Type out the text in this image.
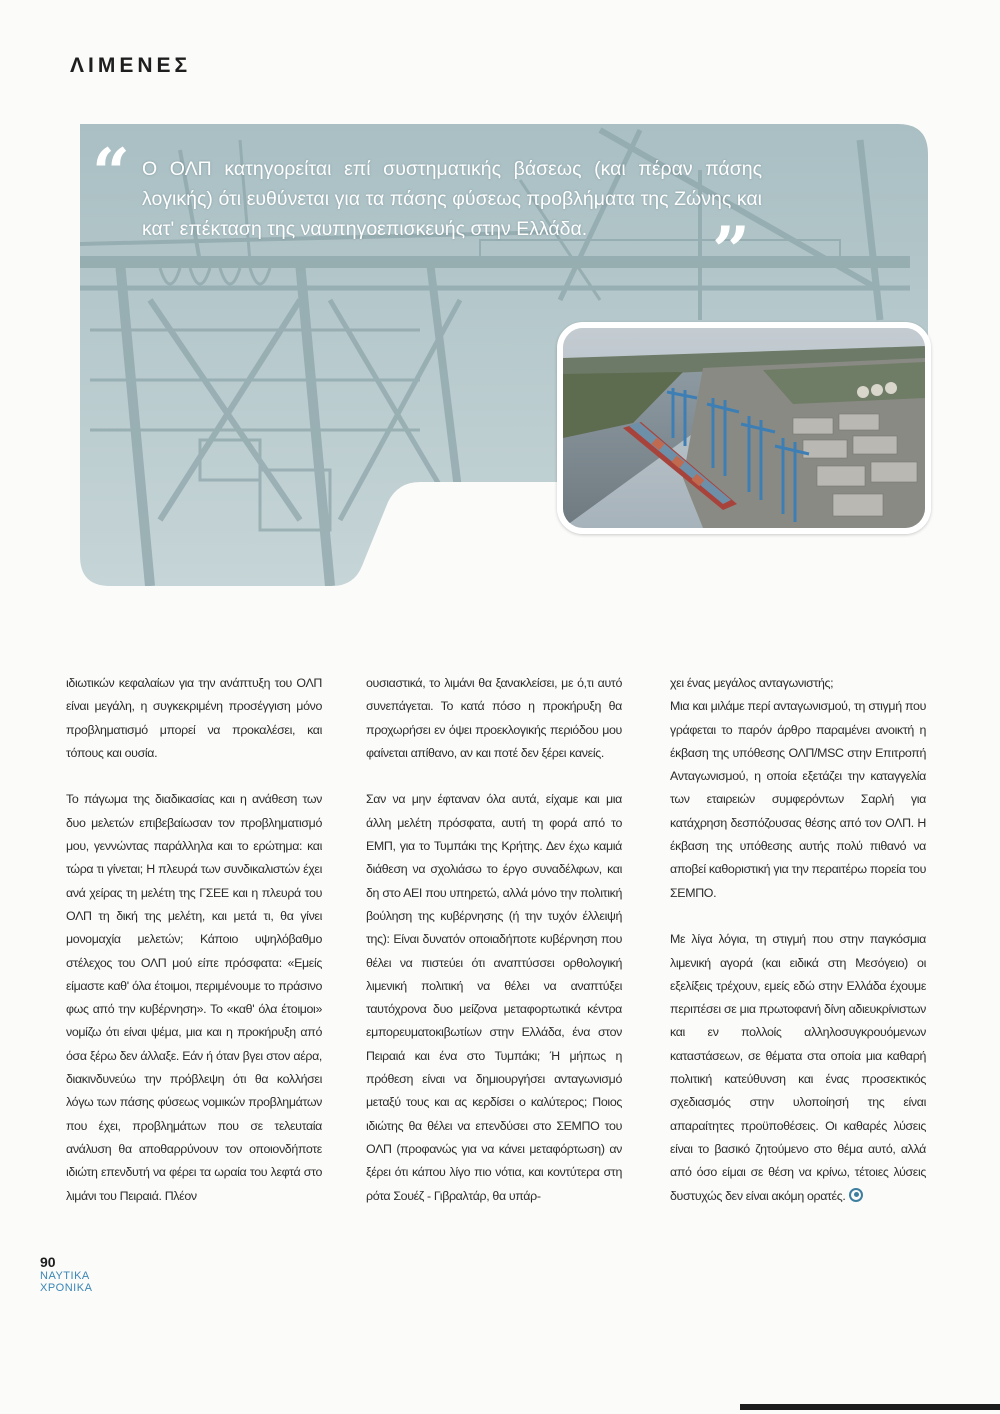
ΛΙΜΕΝΕΣ
“ Ο ΟΛΠ κατηγορείται επί συστηματικής βάσεως (και πέραν πάσης λογικής) ότι ευθύνεται για τα πάσης φύσεως προβλήματα της Ζώνης και κατ' επέκταση της ναυπηγοεπισκευής στην Ελλάδα.	”

ιδιωτικών κεφαλαίων για την ανάπτυξη του ΟΛΠ είναι μεγάλη, η συγκεκριμένη προσέγγιση μόνο προβληματισμό μπορεί να προκαλέσει, και τόπους και ουσία.

Το πάγωμα της διαδικασίας και η ανάθεση των δυο μελετών επιβεβαίωσαν τον προβληματισμό μου, γεννώντας παράλληλα και το ερώτημα: και τώρα τι γίνεται; Η πλευρά των συνδικαλιστών έχει ανά χείρας τη μελέτη της ΓΣΕΕ και η πλευρά του ΟΛΠ τη δική της μελέτη, και μετά τι, θα γίνει μονομαχία μελετών; Κάποιο υψηλόβαθμο στέλεχος του ΟΛΠ μού είπε πρόσφατα: «Εμείς είμαστε καθ' όλα έτοιμοι, περιμένουμε το πράσινο φως από την κυβέρνηση». Το «καθ' όλα έτοιμοι» νομίζω ότι είναι ψέμα, μια και η προκήρυξη από όσα ξέρω δεν άλλαξε. Εάν ή όταν βγει στον αέρα, διακινδυνεύω την πρόβλεψη ότι θα κολλήσει λόγω των πάσης φύσεως νομικών προβλημάτων που έχει, προβλημάτων που σε τελευταία ανάλυση θα αποθαρρύνουν τον οποιονδήποτε ιδιώτη επενδυτή να φέρει τα ωραία του λεφτά στο λιμάνι του Πειραιά. Πλέον

ουσιαστικά, το λιμάνι θα ξανακλείσει, με ό,τι αυτό συνεπάγεται. Το κατά πόσο η προκήρυξη θα προχωρήσει εν όψει προεκλογικής περιόδου μου φαίνεται απίθανο, αν και ποτέ δεν ξέρει κανείς.

Σαν να μην έφταναν όλα αυτά, είχαμε και μια άλλη μελέτη πρόσφατα, αυτή τη φορά από το ΕΜΠ, για το Τυμπάκι της Κρήτης. Δεν έχω καμιά διάθεση να σχολιάσω το έργο συναδέλφων, και δη στο ΑΕΙ που υπηρετώ, αλλά μόνο την πολιτική βούληση της κυβέρνησης (ή την τυχόν έλλειψή της): Είναι δυνατόν οποιαδήποτε κυβέρνηση που θέλει να πιστεύει ότι αναπτύσσει ορθολογική λιμενική πολιτική να θέλει να αναπτύξει ταυτόχρονα δυο μείζονα μεταφορτωτικά κέντρα εμπορευματοκιβωτίων στην Ελλάδα, ένα στον Πειραιά και ένα στο Τυμπάκι; Ή μήπως η πρόθεση είναι να δημιουργήσει ανταγωνισμό μεταξύ τους και ας κερδίσει ο καλύτερος; Ποιος ιδιώτης θα θέλει να επενδύσει στο ΣΕΜΠΟ του ΟΛΠ (προφανώς για να κάνει μεταφόρτωση) αν ξέρει ότι κάπου λίγο πιο νότια, και κοντύτερα στη ρότα Σουέζ - Γιβραλτάρ, θα υπάρ-

χει ένας μεγάλος ανταγωνιστής;
Μια και μιλάμε περί ανταγωνισμού, τη στιγμή που γράφεται το παρόν άρθρο παραμένει ανοικτή η έκβαση της υπόθεσης ΟΛΠ/MSC στην Επιτροπή Ανταγωνισμού, η οποία εξετάζει την καταγγελία των εταιρειών συμφερόντων Σαρλή για κατάχρηση δεσπόζουσας θέσης από τον ΟΛΠ. Η έκβαση της υπόθεσης αυτής πολύ πιθανό να αποβεί καθοριστική για την περαιτέρω πορεία του ΣΕΜΠΟ.

Με λίγα λόγια, τη στιγμή που στην παγκόσμια λιμενική αγορά (και ειδικά στη Μεσόγειο) οι εξελίξεις τρέχουν, εμείς εδώ στην Ελλάδα έχουμε περιπέσει σε μια πρωτοφανή δίνη αδιευκρίνιστων και εν πολλοίς αλληλοσυγκρουόμενων καταστάσεων, σε θέματα στα οποία μια καθαρή πολιτική κατεύθυνση και ένας προσεκτικός σχεδιασμός στην υλοποίησή της είναι απαραίτητες προϋποθέσεις. Οι καθαρές λύσεις είναι το βασικό ζητούμενο στο θέμα αυτό, αλλά από όσο είμαι σε θέση να κρίνω, τέτοιες λύσεις δυστυχώς δεν είναι ακόμη ορατές.

90
ΝΑΥΤΙΚΑ
ΧΡΟΝΙΚΑ
